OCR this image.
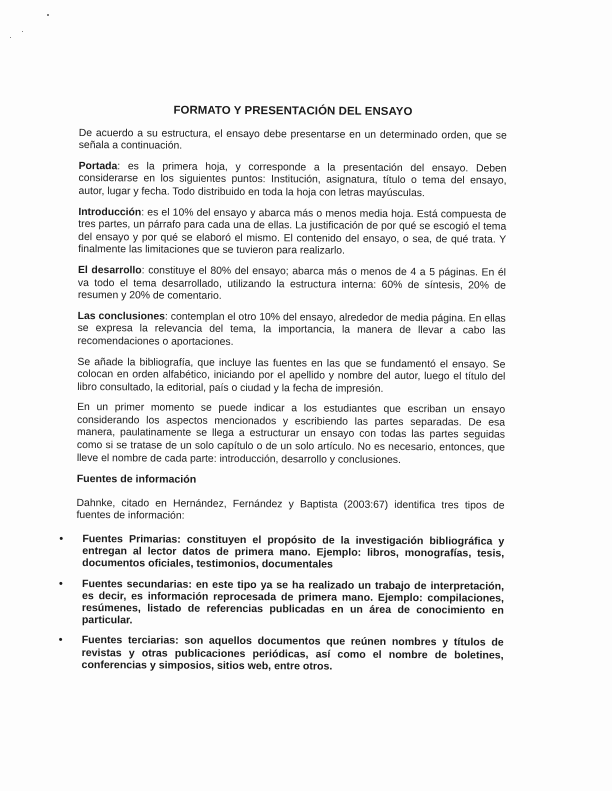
FORMATO Y PRESENTACIÓN DEL ENSAYO

De acuerdo a su estructura, el ensayo debe presentarse en un determinado orden, que se señala a continuación.

Portada: es la primera hoja, y corresponde a la presentación del ensayo. Deben considerarse en los siguientes puntos: Institución, asignatura, título o tema del ensayo, autor, lugar y fecha. Todo distribuido en toda la hoja con letras mayúsculas.

Introducción: es el 10% del ensayo y abarca más o menos media hoja. Está compuesta de tres partes, un párrafo para cada una de ellas. La justificación de por qué se escogió el tema del ensayo y por qué se elaboró el mismo. El contenido del ensayo, o sea, de qué trata. Y finalmente las limitaciones que se tuvieron para realizarlo.

El desarrollo: constituye el 80% del ensayo; abarca más o menos de 4 a 5 páginas. En él va todo el tema desarrollado, utilizando la estructura interna: 60% de síntesis, 20% de resumen y 20% de comentario.

Las conclusiones: contemplan el otro 10% del ensayo, alrededor de media página. En ellas se expresa la relevancia del tema, la importancia, la manera de llevar a cabo las recomendaciones o aportaciones.

Se añade la bibliografía, que incluye las fuentes en las que se fundamentó el ensayo. Se colocan en orden alfabético, iniciando por el apellido y nombre del autor, luego el título del libro consultado, la editorial, país o ciudad y la fecha de impresión.

En un primer momento se puede indicar a los estudiantes que escriban un ensayo considerando los aspectos mencionados y escribiendo las partes separadas. De esa manera, paulatinamente se llega a estructurar un ensayo con todas las partes seguidas como si se tratase de un solo capítulo o de un solo artículo. No es necesario, entonces, que lleve el nombre de cada parte: introducción, desarrollo y conclusiones.

Fuentes de información

Dahnke, citado en Hernández, Fernández y Baptista (2003:67) identifica tres tipos de fuentes de información:

• Fuentes Primarias: constituyen el propósito de la investigación bibliográfica y entregan al lector datos de primera mano. Ejemplo: libros, monografías, tesis, documentos oficiales, testimonios, documentales
• Fuentes secundarias: en este tipo ya se ha realizado un trabajo de interpretación, es decir, es información reprocesada de primera mano. Ejemplo: compilaciones, resúmenes, listado de referencias publicadas en un área de conocimiento en particular.
• Fuentes terciarias: son aquellos documentos que reúnen nombres y títulos de revistas y otras publicaciones periódicas, así como el nombre de boletines, conferencias y simposios, sitios web, entre otros.
